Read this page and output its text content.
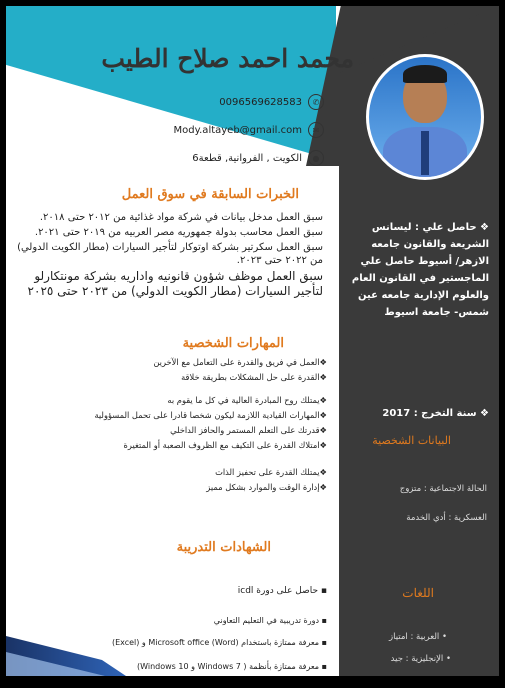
محمد احمد صلاح الطيب
✆
0096569628583
✉
Mody.altayeb@gmail.com
●
الكويت , الفروانية, قطعة6
الخبرات السابقة في سوق العمل

سبق العمل مدخل بيانات في شركة مواد غذائية من ٢٠١٢ حتى ٢٠١٨.

سبق العمل محاسب بدولة جمهوريه مصر العربيه من ٢٠١٩ حتى ٢٠٢١.

سبق العمل سكرتير بشركة اوتوكار لتأجير السيارات (مطار الكويت الدولي) من ٢٠٢٢ حتى ٢٠٢٣.

سبق العمل موظف شؤون قانونيه واداريه بشركة مونتكارلو لتأجير السيارات (مطار الكويت الدولي) من ٢٠٢٣ حتى ٢٠٢٥

المهارات الشخصية

❖العمل في فريق والقدرة على التعامل مع الآخرين

❖القدرة على حل المشكلات بطريقة خلاقة

❖يمتلك روح المبادرة العالية في كل ما يقوم به

❖المهارات القيادية اللازمة ليكون شخصا قادرا على تحمل المسؤولية

❖قدرتك على التعلم المستمر والحافز الداخلي

❖امتلاك القدرة على التكيف مع الظروف الصعبة أو المتغيرة

❖يمتلك القدرة على تحفيز الذات

❖إدارة الوقت والموارد بشكل مميز

الشهادات التدريبة

▪ حاصل على دورة icdl

▪ دورة تدريبية في التعليم التعاوني

▪ معرفة ممتازة باستخدام Microsoft office (Word) و (Excel)

▪ معرفة ممتازة بأنظمة ( Windows 7 و Windows 10)

❖ حاصل علي : ليسانس الشريعة والقانون جامعه الازهر/ أسيوط حاصل علي الماجستير في القانون العام والعلوم الإدارية جامعه عين شمس- جامعة اسيوط
❖ سنة التخرج : 2017
البيانات الشخصية
الحالة الاجتماعية : متزوج
العسكرية : أدي الخدمة
اللغات
• العربية : امتياز
• الإنجليزية : جيد
